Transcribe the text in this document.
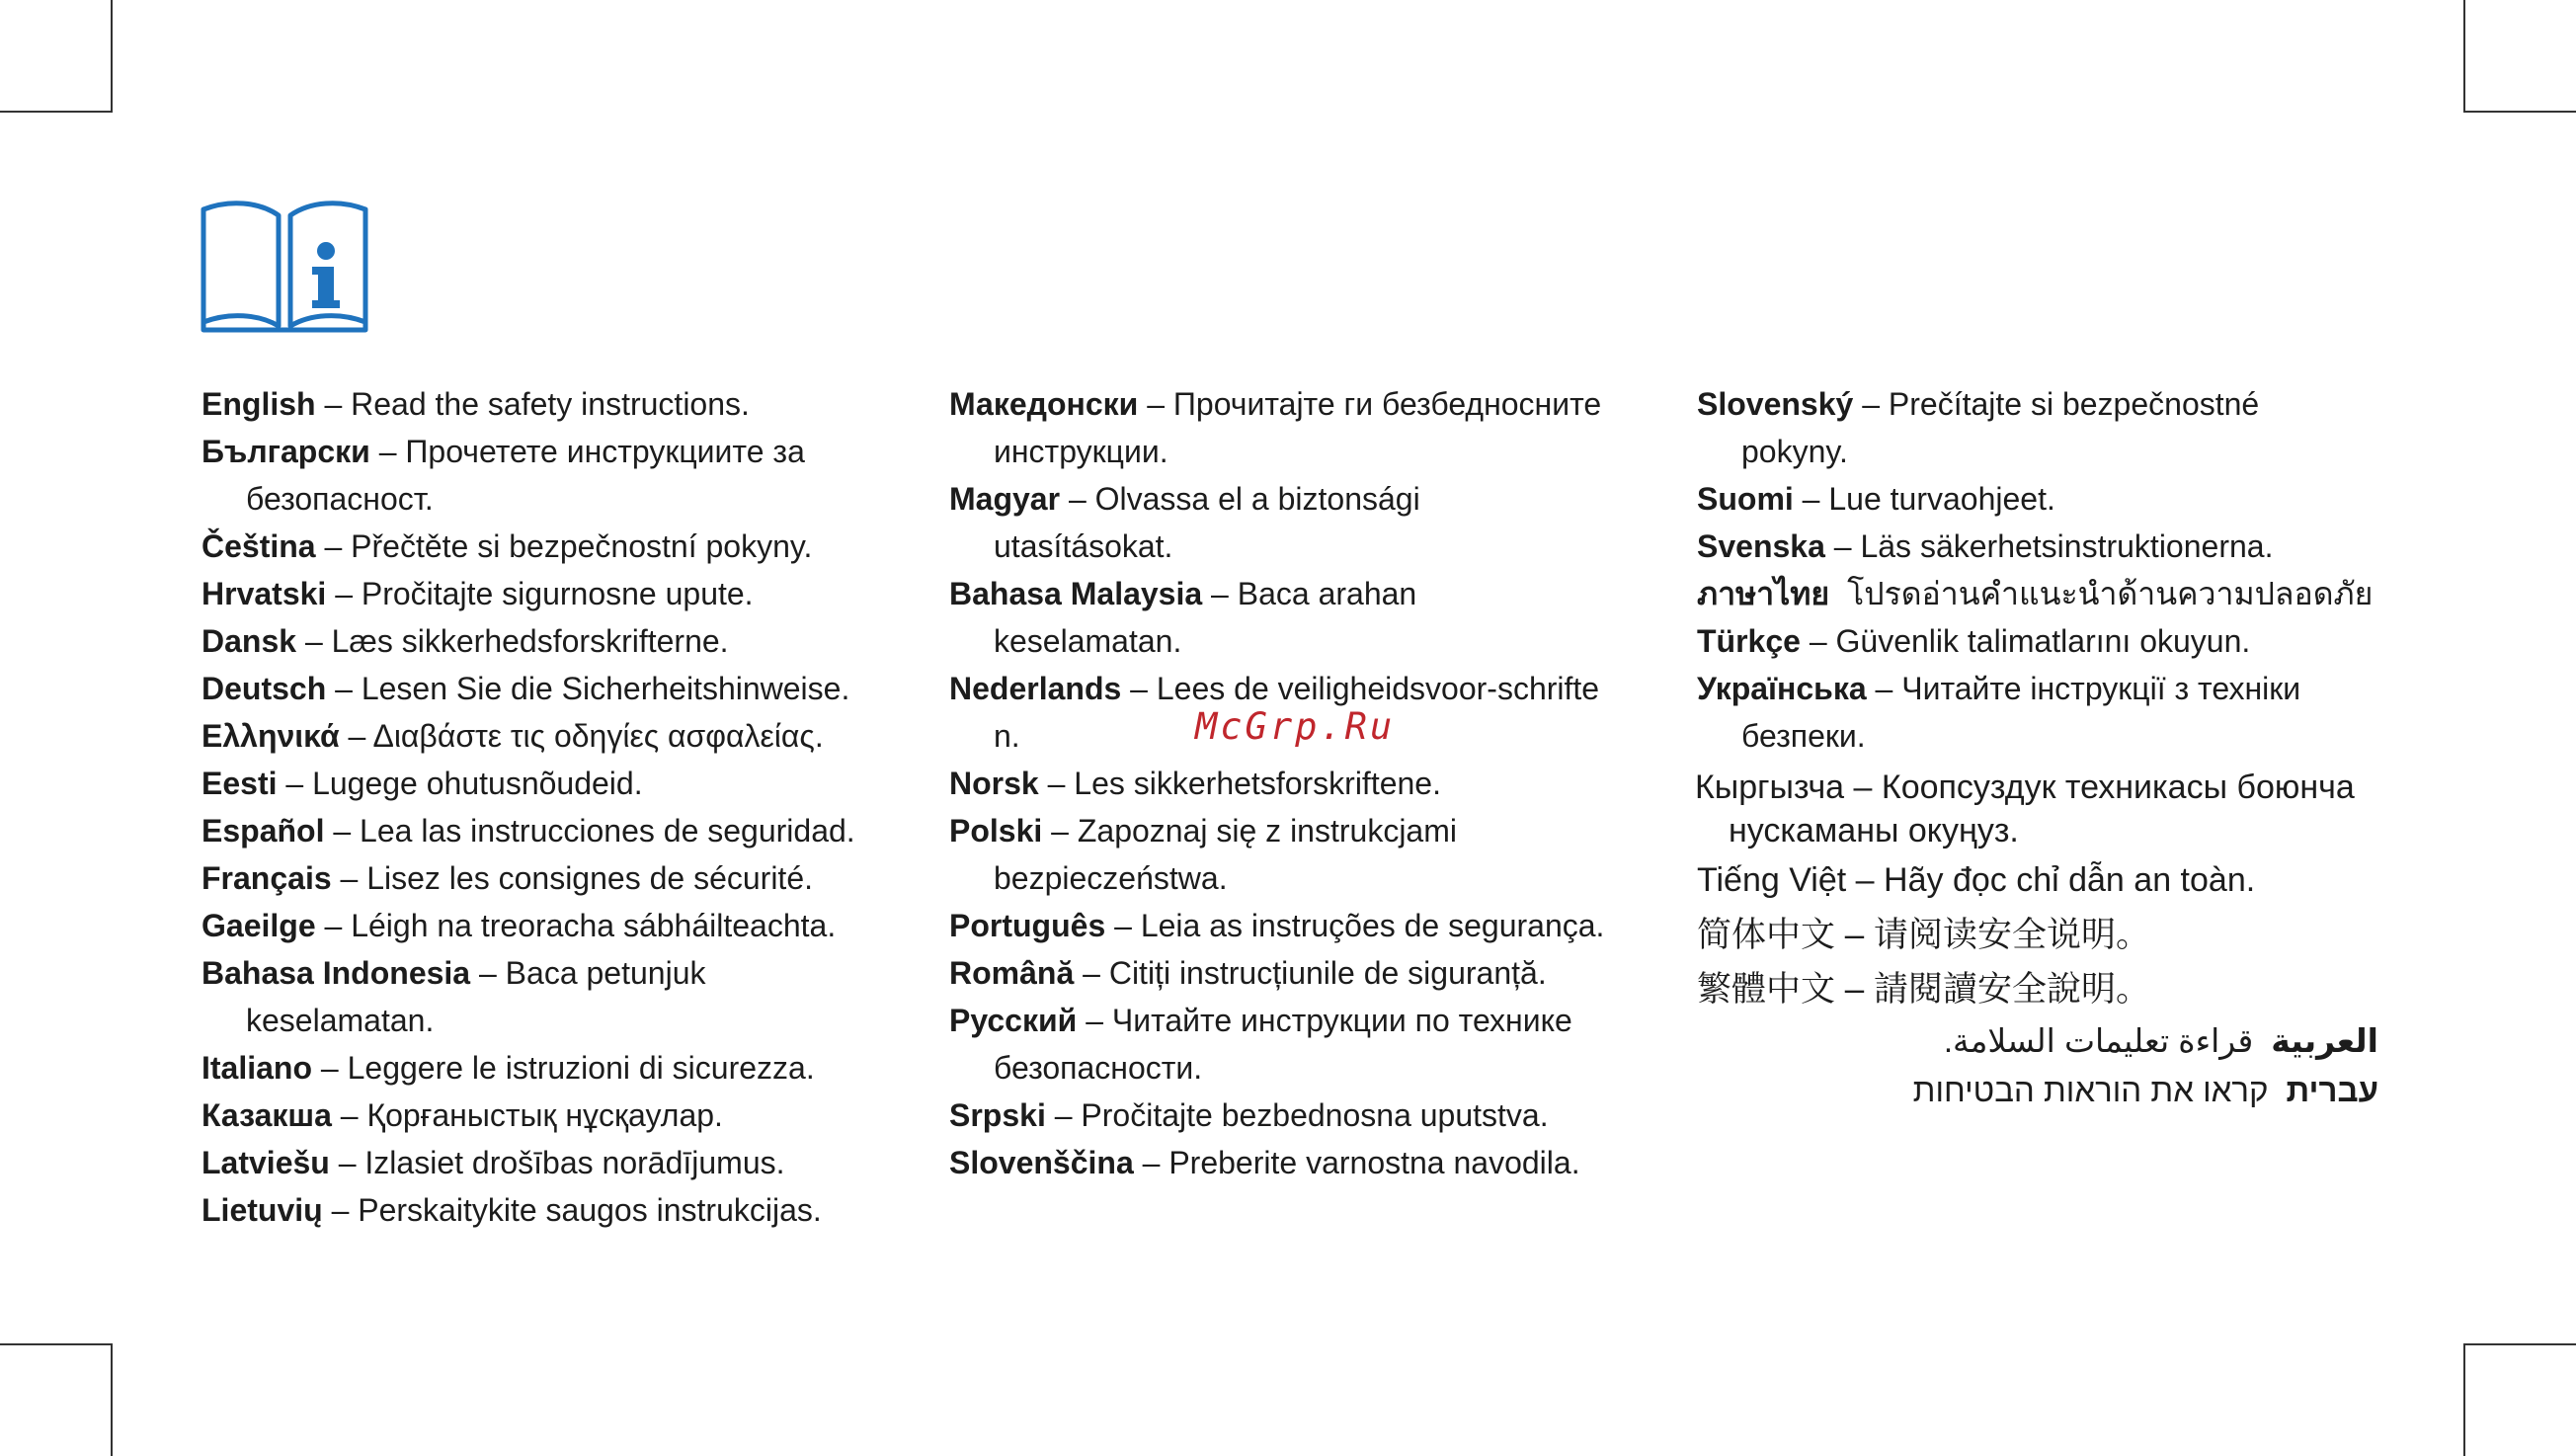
English – Read the safety instructions.
Български – Прочетете инструкциите за безопасност.
Čeština – Přečtěte si bezpečnostní pokyny.
Hrvatski – Pročitajte sigurnosne upute.
Dansk – Læs sikkerhedsforskrifterne.
Deutsch – Lesen Sie die Sicherheitshinweise.
Ελληνικά – Διαβάστε τις οδηγίες ασφαλείας.
Eesti – Lugege ohutusnõudeid.
Español – Lea las instrucciones de seguridad.
Français – Lisez les consignes de sécurité.
Gaeilge – Léigh na treoracha sábháilteachta.
Bahasa Indonesia – Baca petunjuk keselamatan.
Italiano – Leggere le istruzioni di sicurezza.
Казакша – Қорғаныстық нұсқаулар.
Latviešu – Izlasiet drošības norādījumus.
Lietuvių – Perskaitykite saugos instrukcijas.
Македонски – Прочитајте ги безбедносните инструкции.
Magyar – Olvassa el a biztonsági utasításokat.
Bahasa Malaysia – Baca arahan keselamatan.
Nederlands – Lees de veiligheidsvoor-schriften.
Norsk – Les sikkerhetsforskriftene.
Polski – Zapoznaj się z instrukcjami bezpieczeństwa.
Português – Leia as instruções de segurança.
Română – Citiți instrucțiunile de siguranță.
Русский – Читайте инструкции по технике безопасности.
Srpski – Pročitajte bezbednosna uputstva.
Slovenščina – Preberite varnostna navodila.
McGrp.Ru
Slovenský – Prečítajte si bezpečnostné pokyny.
Suomi – Lue turvaohjeet.
Svenska – Läs säkerhetsinstruktionerna.
ภาษาไทย โปรดอ่านคำแนะนำด้านความปลอดภัย
Türkçe – Güvenlik talimatlarını okuyun.
Українська – Читайте інструкції з техніки безпеки.
Кыргызча – Коопсуздук техникасы боюнча нускаманы окуңуз.
Tiếng Việt – Hãy đọc chỉ dẫn an toàn.
简体中文 – 请阅读安全说明。
繁體中文 – 請閱讀安全說明。
العربيةقراءة تعليمات السلامة.
עבריתקראו את הוראות הבטיחות
